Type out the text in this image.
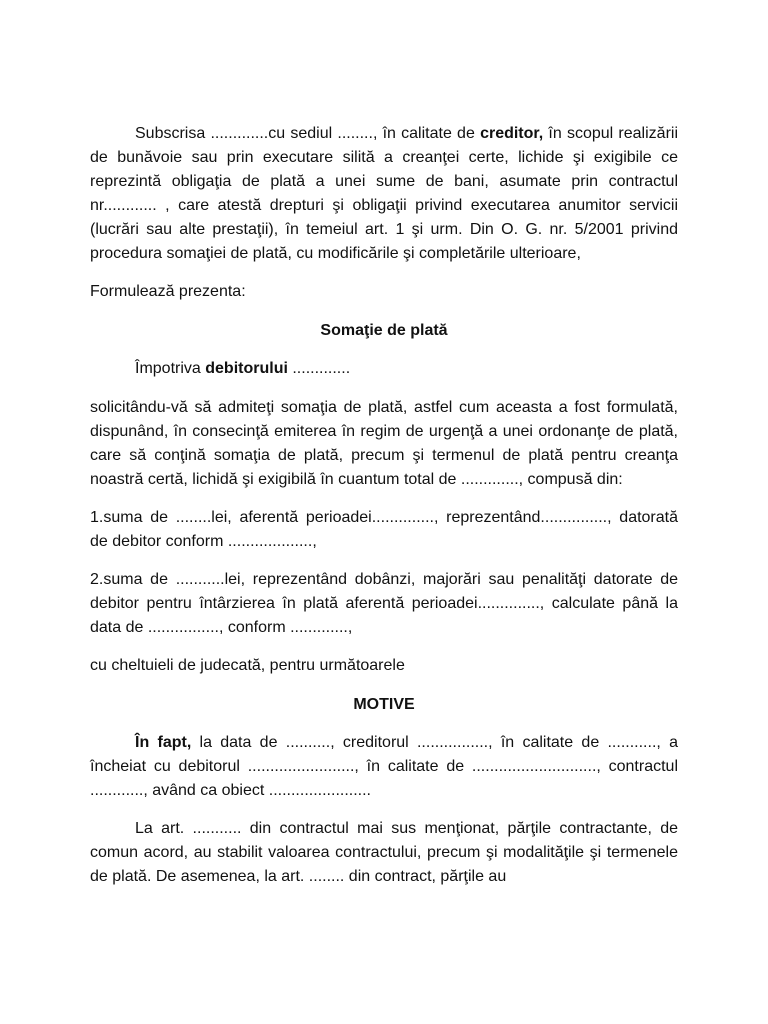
Subscrisa .............cu sediul ........, în calitate de creditor, în scopul realizării de bunăvoie sau prin executare silită a creanţei certe, lichide şi exigibile ce reprezintă obligaţia de plată a unei sume de bani, asumate prin contractul nr............ , care atestă drepturi şi obligaţii privind executarea anumitor servicii (lucrări sau alte prestaţii), în temeiul art. 1 şi urm. Din O. G. nr. 5/2001 privind procedura somaţiei de plată, cu modificările şi completările ulterioare,

Formulează prezenta:

Somaţie de plată

Împotriva debitorului .............

solicitându-vă să admiteţi somaţia de plată, astfel cum aceasta a fost formulată, dispunând, în consecinţă emiterea în regim de urgenţă a unei ordonanţe de plată, care să conţină somaţia de plată, precum şi termenul de plată pentru creanţa noastră certă, lichidă şi exigibilă în cuantum total de ............., compusă din:

1.suma de ........lei, aferentă perioadei.............., reprezentând..............., datorată de debitor conform ...................,

2.suma de ...........lei, reprezentând dobânzi, majorări sau penalităţi datorate de debitor pentru întârzierea în plată aferentă perioadei.............., calculate până la data de ................, conform .............,

cu cheltuieli de judecată, pentru următoarele

MOTIVE

În fapt, la data de .........., creditorul ................, în calitate de ..........., a încheiat cu debitorul ........................, în calitate de ............................, contractul ............, având ca obiect .......................

La art. ........... din contractul mai sus menţionat, părţile contractante, de comun acord, au stabilit valoarea contractului, precum şi modalităţile şi termenele de plată. De asemenea, la art. ........ din contract, părţile au
